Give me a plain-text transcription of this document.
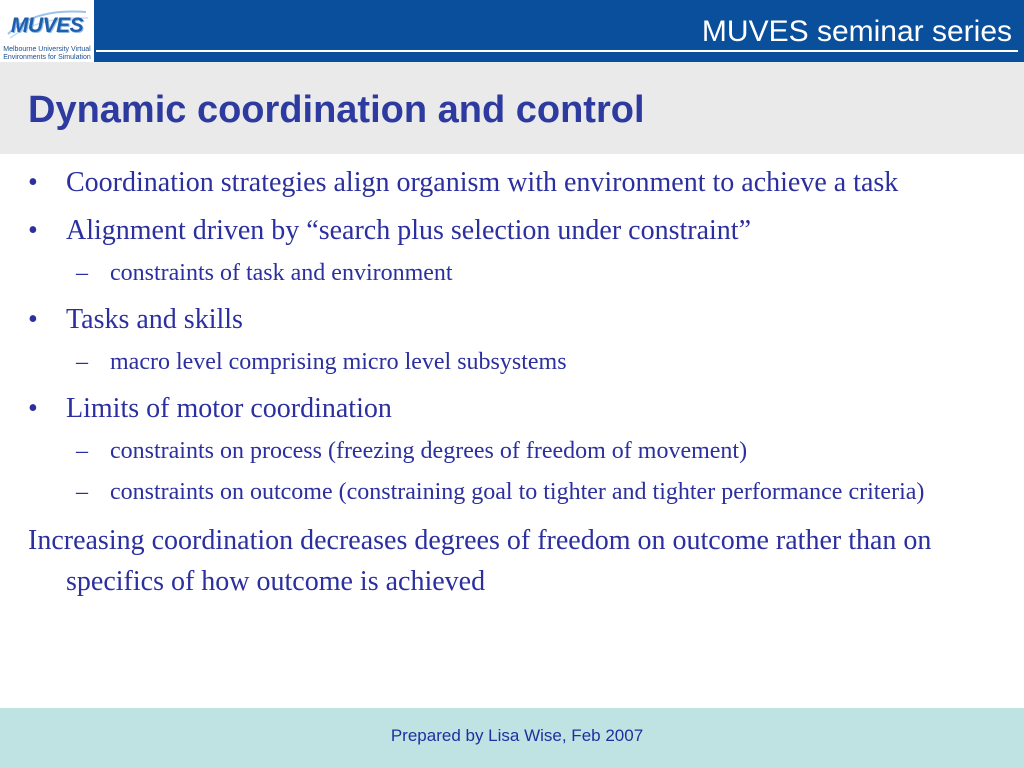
MUVES seminar series
MUVES
Melbourne University Virtual Environments for Simulation
Dynamic coordination and control
•	Coordination strategies align organism with environment to achieve a task
•	Alignment driven by “search plus selection under constraint”
– constraints of task and environment
•	Tasks and skills
– macro level comprising micro level subsystems
•	Limits of motor coordination
– constraints on process (freezing degrees of freedom of movement)
– constraints on outcome (constraining goal to tighter and tighter performance criteria)
Increasing coordination decreases degrees of freedom on outcome rather than on specifics of how outcome is achieved
Prepared by Lisa Wise, Feb 2007
